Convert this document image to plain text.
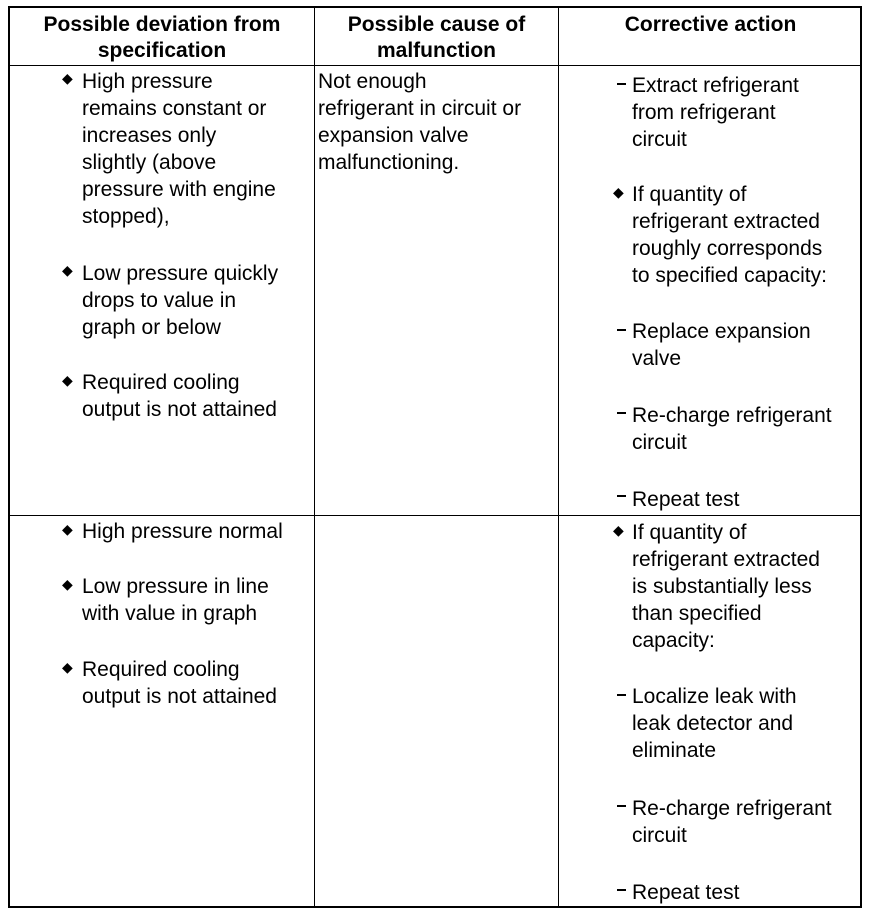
Possible deviation from
specification
Possible cause of
malfunction
Corrective action
◆ High pressure
remains constant or
increases only
slightly (above
pressure with engine
stopped),
◆ Low pressure quickly
drops to value in
graph or below
◆ Required cooling
output is not attained
Not enough
refrigerant in circuit or
expansion valve
malfunctioning.
Extract refrigerant
from refrigerant
circuit
◆ If quantity of
refrigerant extracted
roughly corresponds
to specified capacity:
Replace expansion
valve
Re-charge refrigerant
circuit
Repeat test
◆ High pressure normal
◆ Low pressure in line
with value in graph
◆ Required cooling
output is not attained
◆ If quantity of
refrigerant extracted
is substantially less
than specified
capacity:
Localize leak with
leak detector and
eliminate
Re-charge refrigerant
circuit
Repeat test
